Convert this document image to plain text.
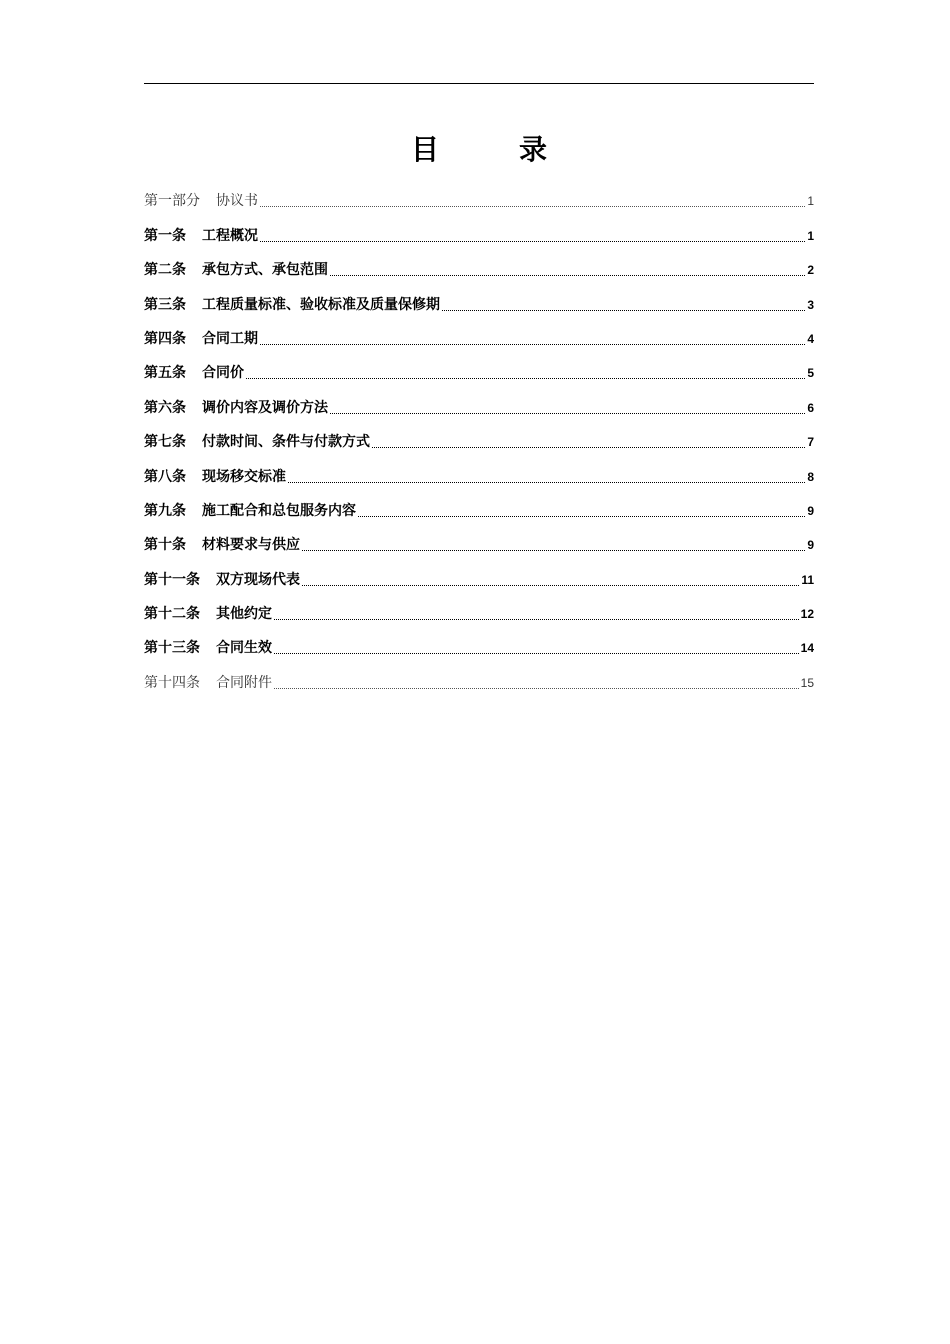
目　录
第一部分 协议书	1
第一条 工程概况	1
第二条 承包方式、承包范围	2
第三条 工程质量标准、验收标准及质量保修期	3
第四条 合同工期	4
第五条 合同价	5
第六条 调价内容及调价方法	6
第七条 付款时间、条件与付款方式	7
第八条 现场移交标准	8
第九条 施工配合和总包服务内容	9
第十条 材料要求与供应	9
第十一条 双方现场代表	11
第十二条 其他约定	12
第十三条 合同生效	14
第十四条 合同附件	15
